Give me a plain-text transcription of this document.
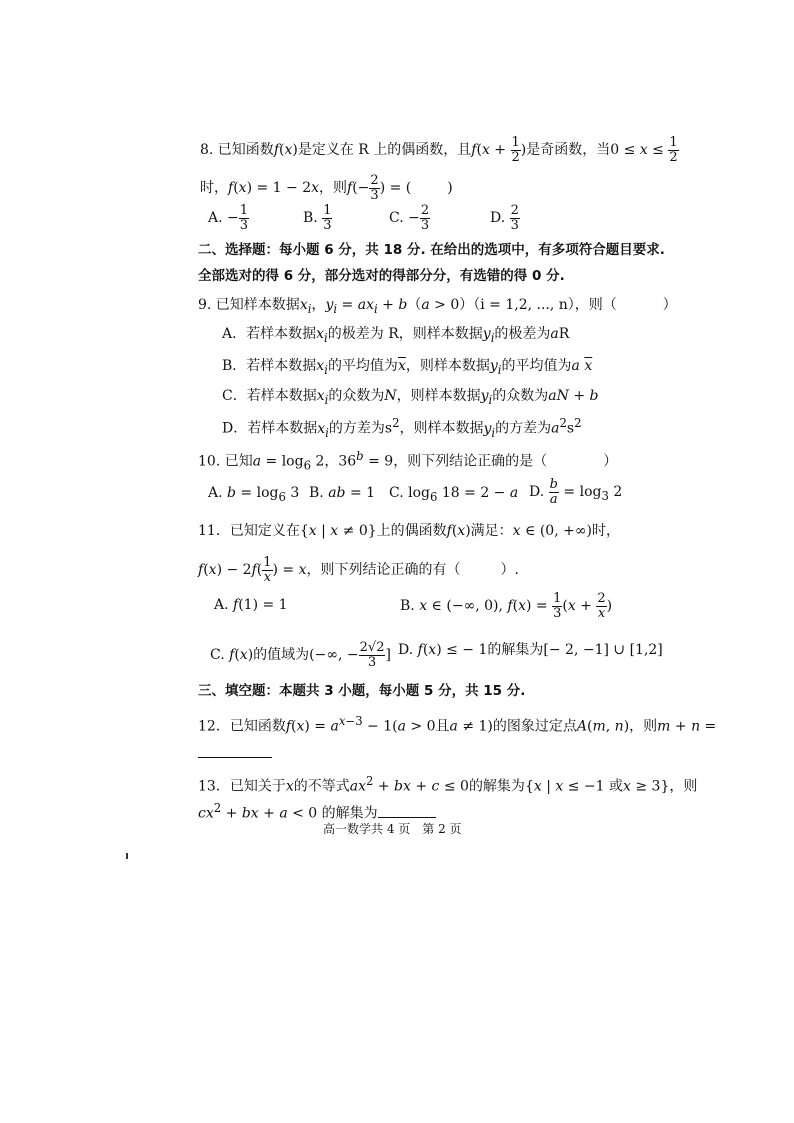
8. 已知函数f(x)是定义在 R 上的偶函数，且$f(x + \frac{1}{2}$ )是奇函数，当$0 \le x \le \frac{1}{2}$
时，f(x) = 1 − 2x，则$f(- \frac{2}{3}$ ) = (	)
A. − $\frac{1}{3}$	B. $\frac{1}{3}$	C. − $\frac{2}{3}$	D. $\frac{2}{3}$
二、选择题：每小题 6 分，共 18 分. 在给出的选项中，有多项符合题目要求.
全部选对的得 6 分，部分选对的得部分分，有选错的得 0 分.
9. 已知样本数据$x_i$，$y_i = ax_i + b(a > 0)(i = 1,2$, ..., n），则（	）
A．若样本数据$x_i$的极差为 R，则样本数据$y_i$的极差为aR
B．若样本数据$x_i$的平均值为$\overline{x}$，则样本数据$y_i$的平均值为a $\overline{x}$
C．若样本数据$x_i$的众数为N，则样本数据$y_i$的众数为aN + b
D．若样本数据$x_i$的方差为$s^2$，则样本数据$y_i$的方差为$a^2s^2$
10. 已知$a = \log_6 2$，$36^b = 9$，则下列结论正确的是（	）
A. $b = \log_6 3$ B. ab = 1 C. $\log_6 18 = 2 - a$ D. $\frac{b}{a} = \log_3 2$
11．已知定义在{x | x ≠ 0}上的偶函数f(x)满足：x ∈ (0, +∞)时，
$f(x) - 2f( \frac{1}{x}$ ) = x，则下列结论正确的有（	）.
A. f(1) = 1	B. x ∈ (−∞, 0), $f(x) = \frac{1}{3} (x + \frac{2}{x}$ )
C. f(x)的值域为(−∞, − $\frac{2√2}{3}$ ] D. f(x) ≤ − 1的解集为[− 2, −1] ∪ [1,2]
三、填空题：本题共 3 小题，每小题 5 分，共 15 分.
12．已知函数$f(x) = a^{x-3} - 1(a > 0$且a ≠ 1)的图象过定点A(m, n)，则m + n =
13．已知关于x的不等式$ax^2$ + bx + c ≤ 0的解集为{x | x ≤ −1 或x ≥ 3}，则
$cx^2$ + bx + a < 0 的解集为
高一数学共 4 页　第 2 页
